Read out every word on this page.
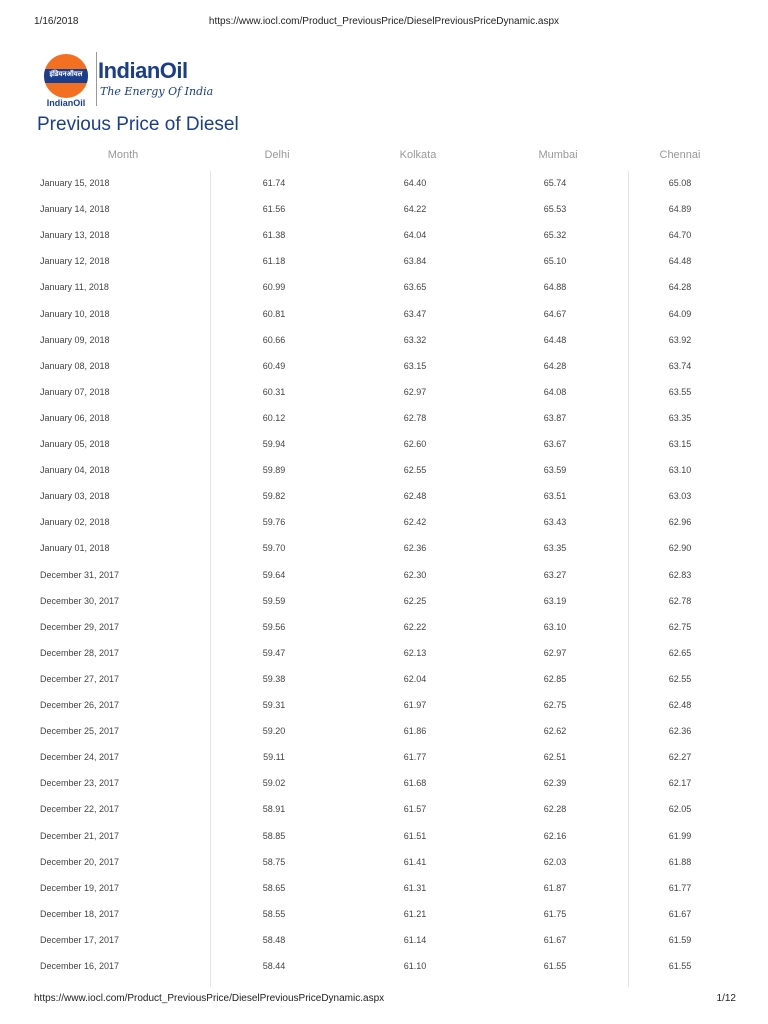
1/16/2018	https://www.iocl.com/Product_PreviousPrice/DieselPreviousPriceDynamic.aspx
इंडियनऑयल
IndianOil
IndianOil
The Energy Of India
Previous Price of Diesel
Month	Delhi	Kolkata	Mumbai	Chennai
January 15, 2018	61.74	64.40	65.74	65.08
January 14, 2018	61.56	64.22	65.53	64.89
January 13, 2018	61.38	64.04	65.32	64.70
January 12, 2018	61.18	63.84	65.10	64.48
January 11, 2018	60.99	63.65	64.88	64.28
January 10, 2018	60.81	63.47	64.67	64.09
January 09, 2018	60.66	63.32	64.48	63.92
January 08, 2018	60.49	63.15	64.28	63.74
January 07, 2018	60.31	62.97	64.08	63.55
January 06, 2018	60.12	62.78	63.87	63.35
January 05, 2018	59.94	62.60	63.67	63.15
January 04, 2018	59.89	62.55	63.59	63.10
January 03, 2018	59.82	62.48	63.51	63.03
January 02, 2018	59.76	62.42	63.43	62.96
January 01, 2018	59.70	62.36	63.35	62.90
December 31, 2017	59.64	62.30	63.27	62.83
December 30, 2017	59.59	62.25	63.19	62.78
December 29, 2017	59.56	62.22	63.10	62.75
December 28, 2017	59.47	62.13	62.97	62.65
December 27, 2017	59.38	62.04	62.85	62.55
December 26, 2017	59.31	61.97	62.75	62.48
December 25, 2017	59.20	61.86	62.62	62.36
December 24, 2017	59.11	61.77	62.51	62.27
December 23, 2017	59.02	61.68	62.39	62.17
December 22, 2017	58.91	61.57	62.28	62.05
December 21, 2017	58.85	61.51	62.16	61.99
December 20, 2017	58.75	61.41	62.03	61.88
December 19, 2017	58.65	61.31	61.87	61.77
December 18, 2017	58.55	61.21	61.75	61.67
December 17, 2017	58.48	61.14	61.67	61.59
December 16, 2017	58.44	61.10	61.55	61.55
https://www.iocl.com/Product_PreviousPrice/DieselPreviousPriceDynamic.aspx	1/12
